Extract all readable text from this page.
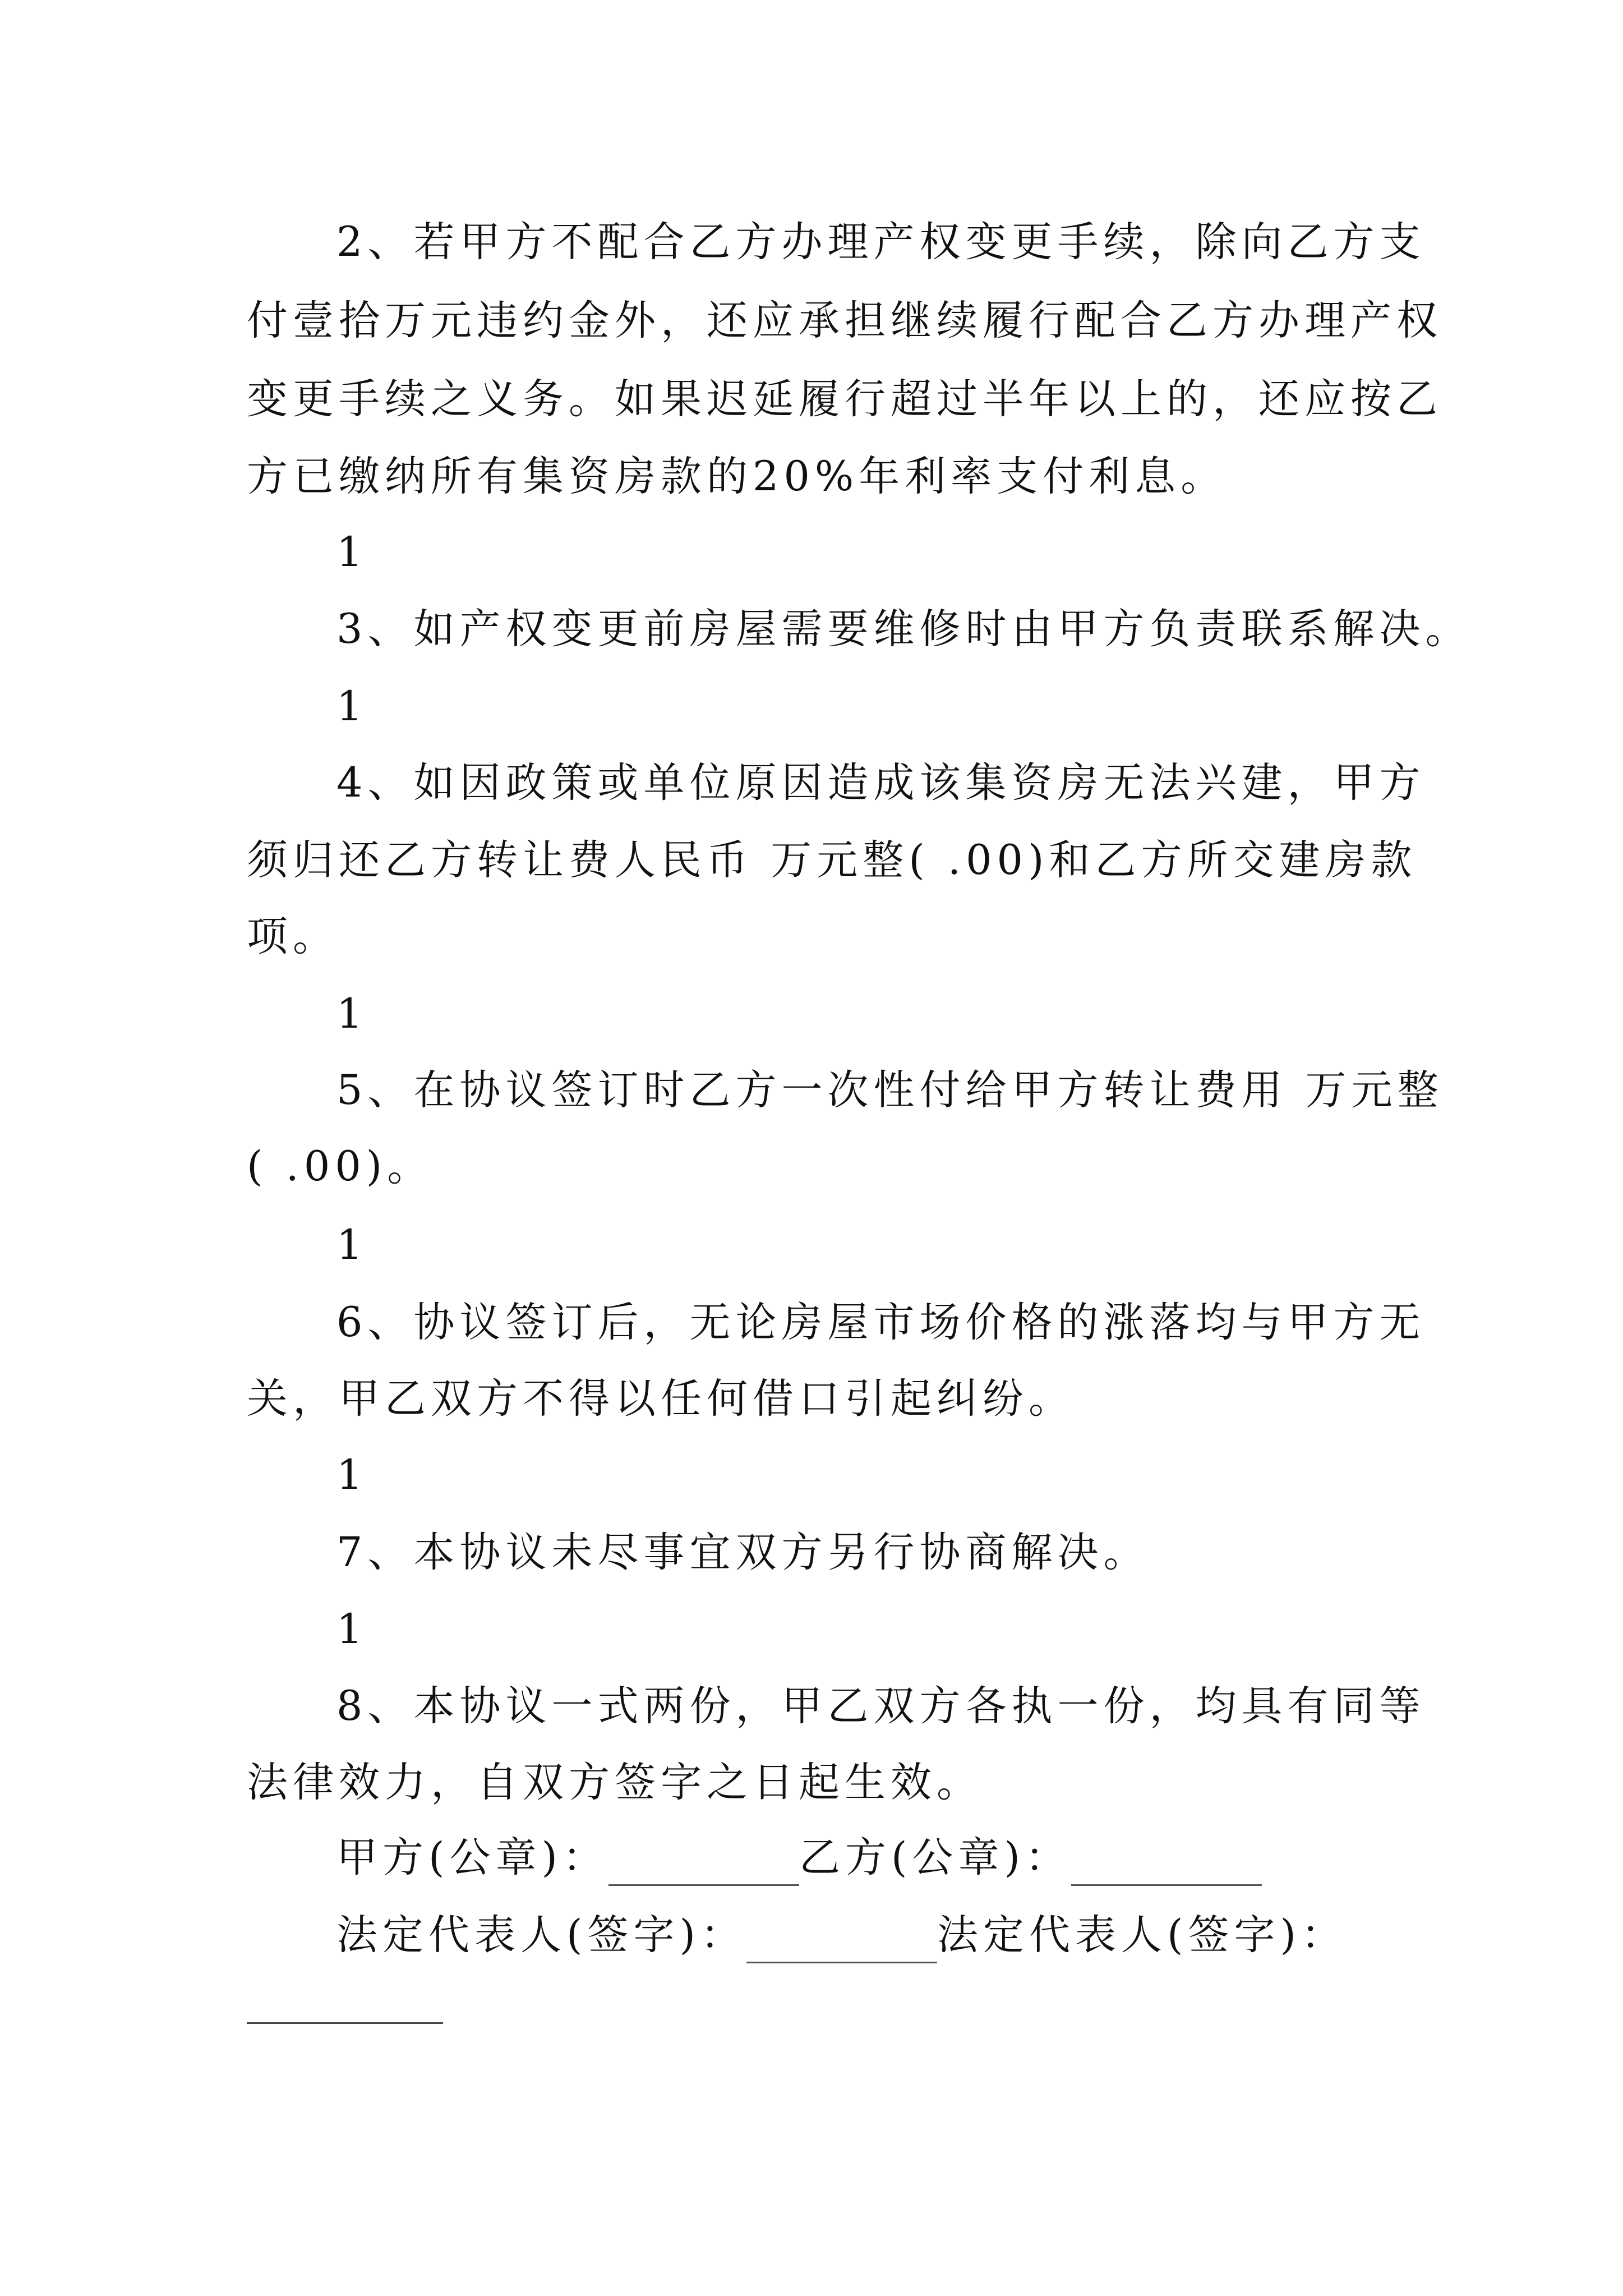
2、若甲方不配合乙方办理产权变更手续，除向乙方支
付壹拾万元违约金外，还应承担继续履行配合乙方办理产权
变更手续之义务。如果迟延履行超过半年以上的，还应按乙
方已缴纳所有集资房款的20%年利率支付利息。
1
3、如产权变更前房屋需要维修时由甲方负责联系解决。
1
4、如因政策或单位原因造成该集资房无法兴建，甲方
须归还乙方转让费人民币 万元整( .00)和乙方所交建房款
项。
1
5、在协议签订时乙方一次性付给甲方转让费用 万元整
( .00)。
1
6、协议签订后，无论房屋市场价格的涨落均与甲方无
关，甲乙双方不得以任何借口引起纠纷。
1
7、本协议未尽事宜双方另行协商解决。
1
8、本协议一式两份，甲乙双方各执一份，均具有同等
法律效力，自双方签字之日起生效。
甲方(公章)：	乙方(公章)：
法定代表人(签字)：	法定代表人(签字)：
